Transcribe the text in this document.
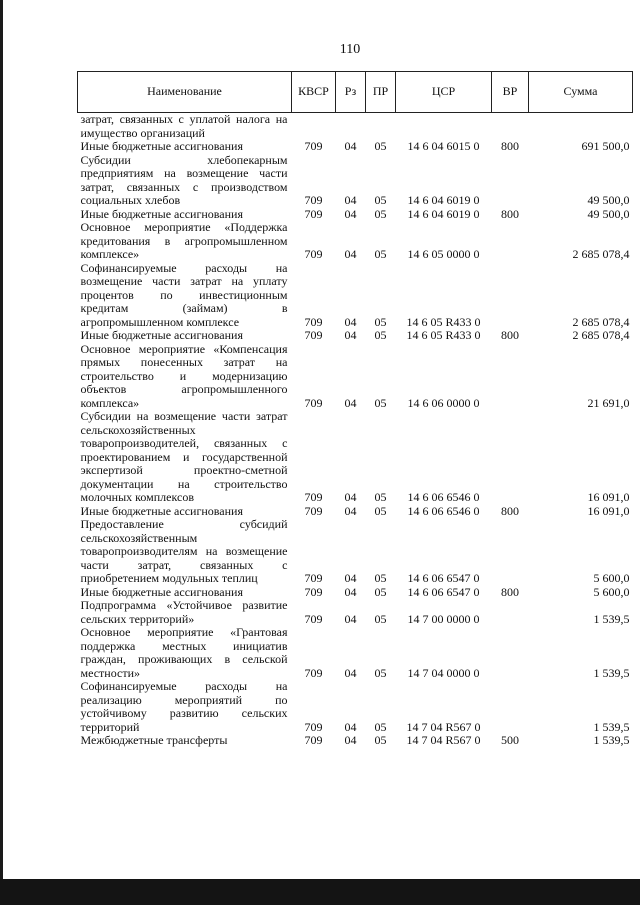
110
Наименование	КВСР	Рз	ПР	ЦСР	ВР	Сумма
затрат, связанных с уплатой налога на имущество организаций						
Иные бюджетные ассигнования	709	04	05	14 6 04 6015 0	800	691 500,0
Субсидии хлебопекарным предприятиям на возмещение части затрат, связанных с производством социальных хлебов	709	04	05	14 6 04 6019 0		49 500,0
Иные бюджетные ассигнования	709	04	05	14 6 04 6019 0	800	49 500,0
Основное мероприятие «Поддержка кредитования в агропромышленном комплексе»	709	04	05	14 6 05 0000 0		2 685 078,4
Софинансируемые расходы на возмещение части затрат на уплату процентов по инвестиционным кредитам (займам) в агропромышленном комплексе	709	04	05	14 6 05 R433 0		2 685 078,4
Иные бюджетные ассигнования	709	04	05	14 6 05 R433 0	800	2 685 078,4
Основное мероприятие «Компенсация прямых понесенных затрат на строительство и модернизацию объектов агропромышленного комплекса»	709	04	05	14 6 06 0000 0		21 691,0
Субсидии на возмещение части затрат сельскохозяйственных товаропроизводителей, связанных с проектированием и государственной экспертизой проектно-сметной документации на строительство молочных комплексов	709	04	05	14 6 06 6546 0		16 091,0
Иные бюджетные ассигнования	709	04	05	14 6 06 6546 0	800	16 091,0
Предоставление субсидий сельскохозяйственным товаропроизводителям на возмещение части затрат, связанных с приобретением модульных теплиц	709	04	05	14 6 06 6547 0		5 600,0
Иные бюджетные ассигнования	709	04	05	14 6 06 6547 0	800	5 600,0
Подпрограмма «Устойчивое развитие сельских территорий»	709	04	05	14 7 00 0000 0		1 539,5
Основное мероприятие «Грантовая поддержка местных инициатив граждан, проживающих в сельской местности»	709	04	05	14 7 04 0000 0		1 539,5
Софинансируемые расходы на реализацию мероприятий по устойчивому развитию сельских территорий	709	04	05	14 7 04 R567 0		1 539,5
Межбюджетные трансферты	709	04	05	14 7 04 R567 0	500	1 539,5
